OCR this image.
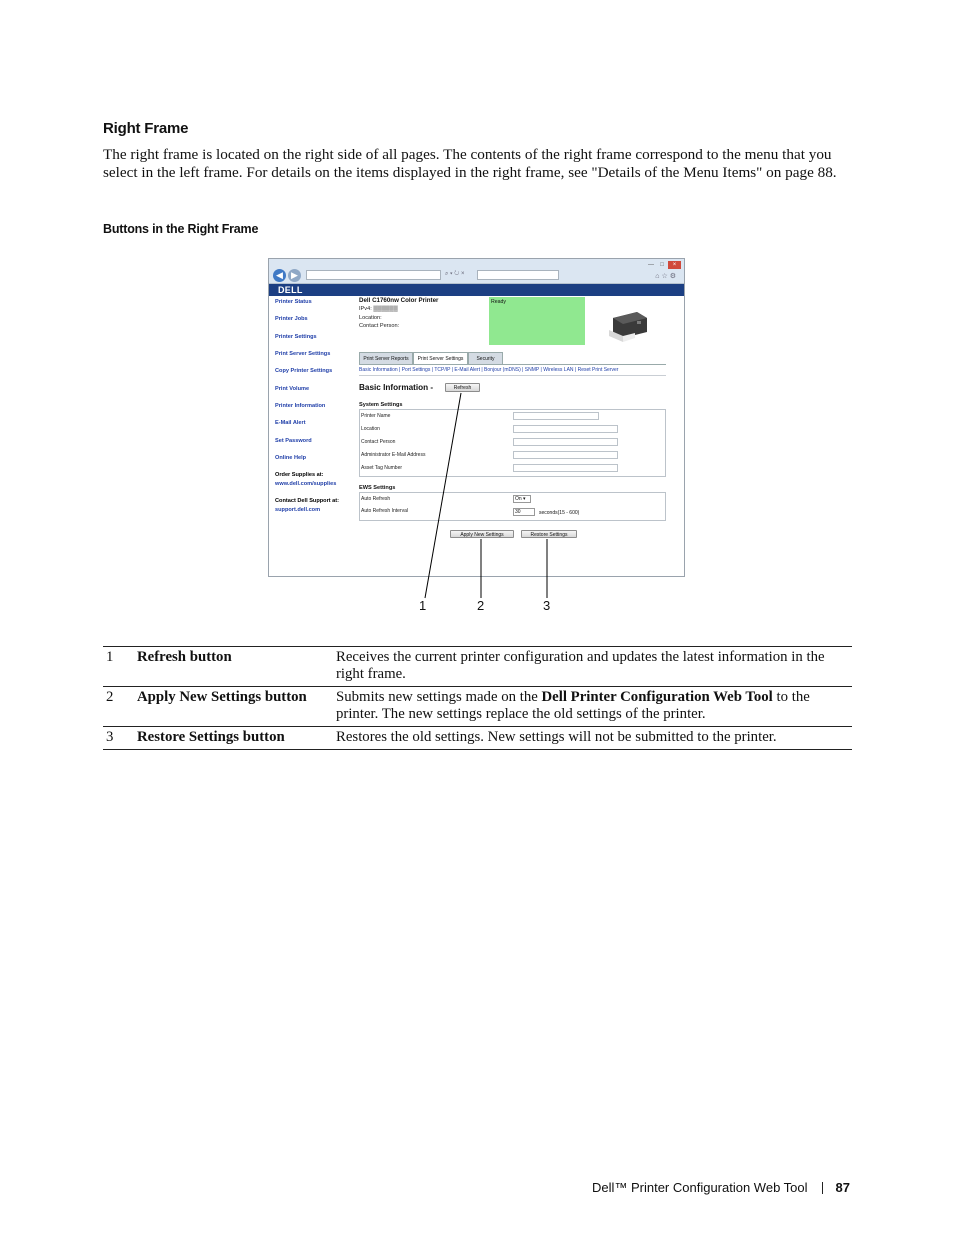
Right Frame
The right frame is located on the right side of all pages. The contents of the right frame correspond to the menu that you select in the left frame. For details on the items displayed in the right frame, see "Details of the Menu Items" on page 88.
Buttons in the Right Frame
◀ ▶	⌕ ▾ ↻ ×
— □ ×
⌂☆⚙
DELL
Printer Status
Printer Jobs
Printer Settings
Print Server Settings
Copy Printer Settings
Print Volume
Printer Information
E-Mail Alert
Set Password
Online Help
Order Supplies at:
www.dell.com/supplies
Contact Dell Support at:
support.dell.com
Dell C1760nw Color Printer
IPv4: ▓▓▓▓▓▓
Location:
Contact Person:
Ready
Print Server Reports	Print Server Settings	Security
Basic Information | Port Settings | TCP/IP | E-Mail Alert | Bonjour (mDNS) | SNMP | Wireless LAN | Reset Print Server
Basic Information -	Refresh
System Settings
Printer Name
Location
Contact Person
Administrator E-Mail Address
Asset Tag Number
EWS Settings
Auto Refresh	On ▾
Auto Refresh Interval	30	seconds(15 - 600)
Apply New Settings	Restore Settings
1	2	3
1	Refresh button	Receives the current printer configuration and updates the latest information in the right frame.
2	Apply New Settings button	Submits new settings made on the Dell Printer Configuration Web Tool to the printer. The new settings replace the old settings of the printer.
3	Restore Settings button	Restores the old settings. New settings will not be submitted to the printer.
Dell™ Printer Configuration Web Tool 87
